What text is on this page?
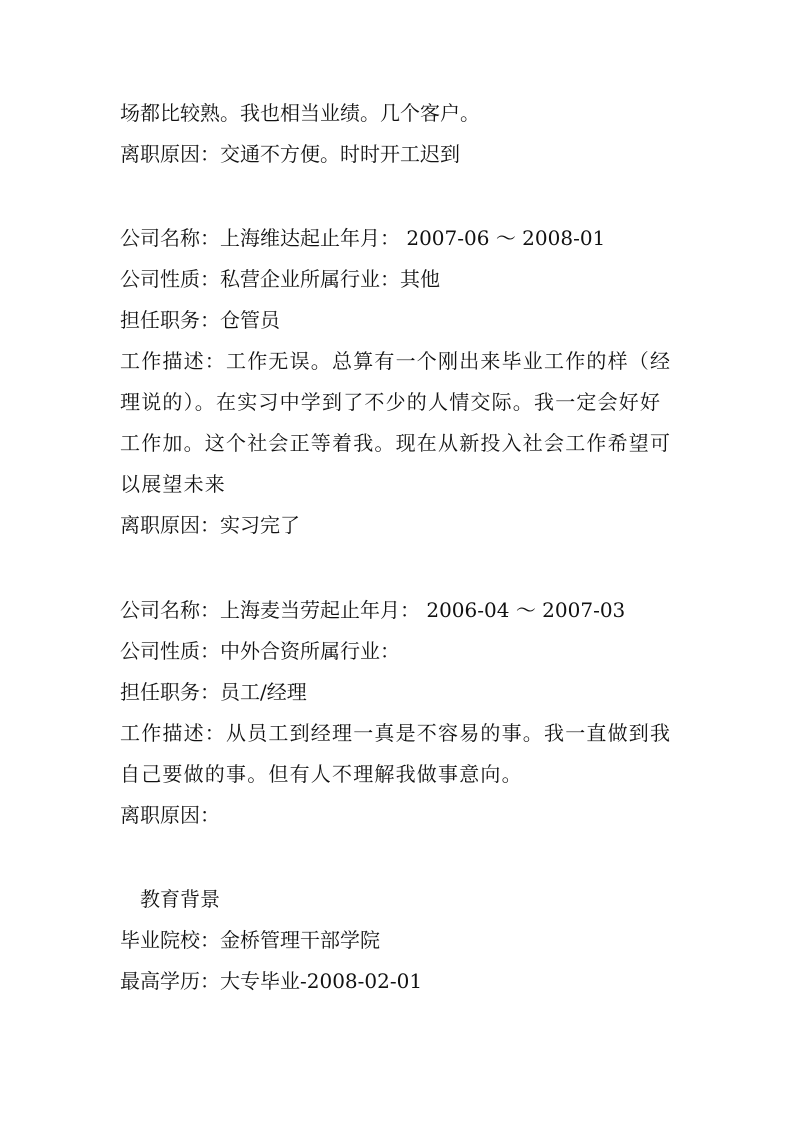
场都比较熟。我也相当业绩。几个客户。
离职原因：交通不方便。时时开工迟到
公司名称：上海维达起止年月： 2007-06 ～ 2008-01
公司性质：私营企业所属行业：其他
担任职务：仓管员
工作描述：工作无误。总算有一个刚出来毕业工作的样（经理说的）。在实习中学到了不少的人情交际。我一定会好好工作加。这个社会正等着我。现在从新投入社会工作希望可以展望未来
离职原因：实习完了
公司名称：上海麦当劳起止年月： 2006-04 ～ 2007-03
公司性质：中外合资所属行业：
担任职务：员工/经理
工作描述：从员工到经理一真是不容易的事。我一直做到我自己要做的事。但有人不理解我做事意向。
离职原因：
教育背景
毕业院校：金桥管理干部学院
最高学历：大专毕业-2008-02-01
